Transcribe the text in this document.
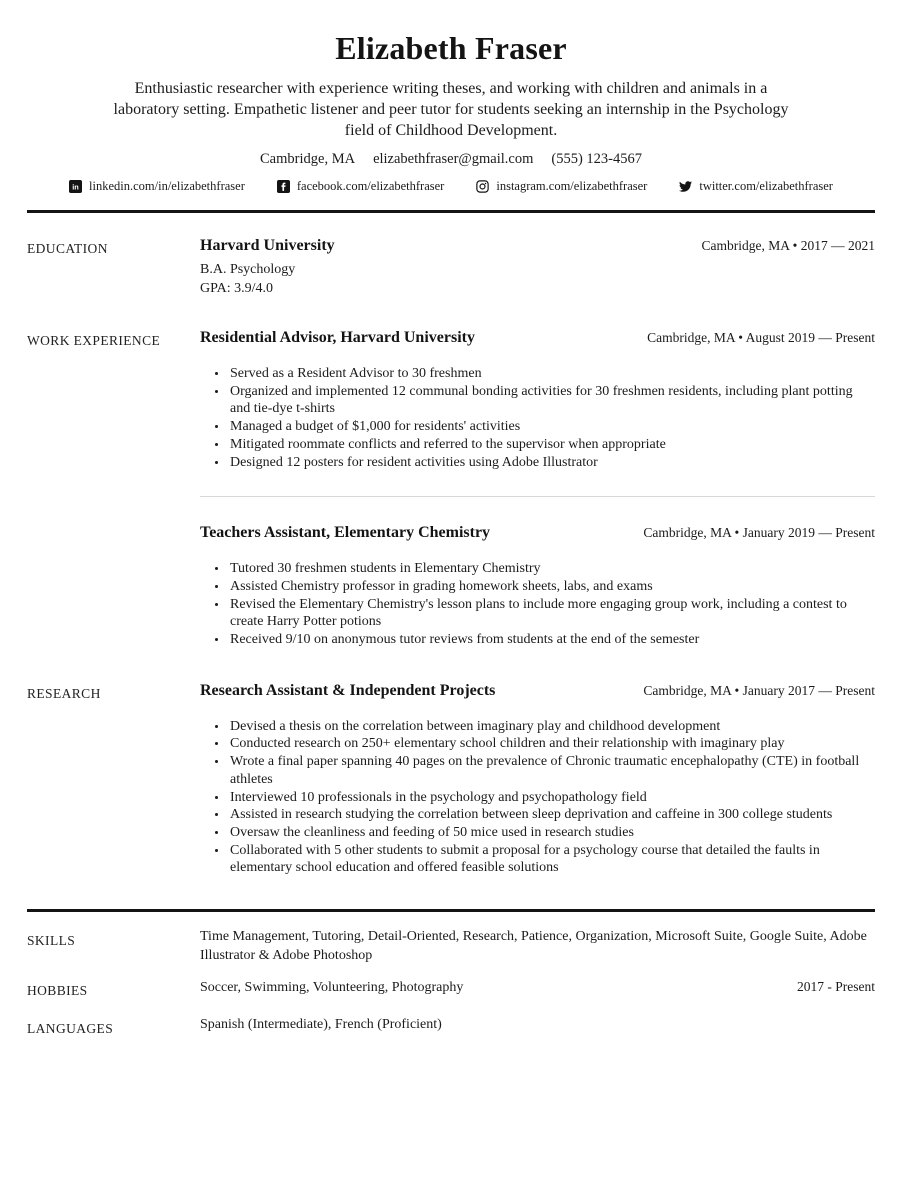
Elizabeth Fraser
Enthusiastic researcher with experience writing theses, and working with children and animals in a laboratory setting. Empathetic listener and peer tutor for students seeking an internship in the Psychology field of Childhood Development.
Cambridge, MA elizabethfraser@gmail.com (555) 123-4567
in linkedin.com/in/elizabethfraser	facebook.com/elizabethfraser	instagram.com/elizabethfraser	twitter.com/elizabethfraser
EDUCATION	Harvard University	Cambridge, MA • 2017 — 2021
B.A. Psychology
GPA: 3.9/4.0
WORK EXPERIENCE	Residential Advisor, Harvard University	Cambridge, MA • August 2019 — Present
• Served as a Resident Advisor to 30 freshmen
• Organized and implemented 12 communal bonding activities for 30 freshmen residents, including plant potting and tie-dye t-shirts
• Managed a budget of $1,000 for residents' activities
• Mitigated roommate conflicts and referred to the supervisor when appropriate
• Designed 12 posters for resident activities using Adobe Illustrator
Teachers Assistant, Elementary Chemistry	Cambridge, MA • January 2019 — Present
• Tutored 30 freshmen students in Elementary Chemistry
• Assisted Chemistry professor in grading homework sheets, labs, and exams
• Revised the Elementary Chemistry's lesson plans to include more engaging group work, including a contest to create Harry Potter potions
• Received 9/10 on anonymous tutor reviews from students at the end of the semester
RESEARCH	Research Assistant & Independent Projects	Cambridge, MA • January 2017 — Present
• Devised a thesis on the correlation between imaginary play and childhood development
• Conducted research on 250+ elementary school children and their relationship with imaginary play
• Wrote a final paper spanning 40 pages on the prevalence of Chronic traumatic encephalopathy (CTE) in football athletes
• Interviewed 10 professionals in the psychology and psychopathology field
• Assisted in research studying the correlation between sleep deprivation and caffeine in 300 college students
• Oversaw the cleanliness and feeding of 50 mice used in research studies
• Collaborated with 5 other students to submit a proposal for a psychology course that detailed the faults in elementary school education and offered feasible solutions
SKILLS	Time Management, Tutoring, Detail-Oriented, Research, Patience, Organization, Microsoft Suite, Google Suite, Adobe Illustrator & Adobe Photoshop
HOBBIES	Soccer, Swimming, Volunteering, Photography	2017 - Present
LANGUAGES	Spanish (Intermediate), French (Proficient)
